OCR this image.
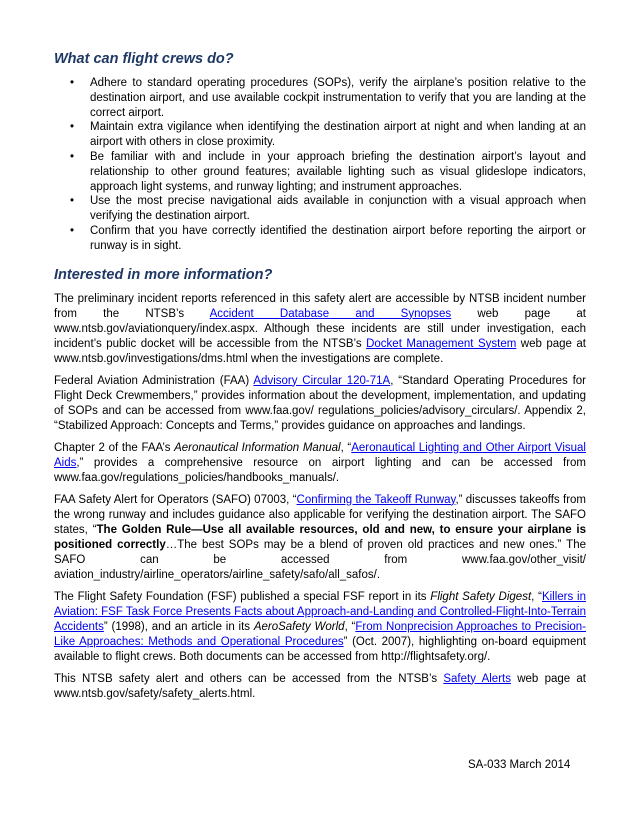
What can flight crews do?
• Adhere to standard operating procedures (SOPs), verify the airplane’s position relative to the destination airport, and use available cockpit instrumentation to verify that you are landing at the correct airport.
• Maintain extra vigilance when identifying the destination airport at night and when landing at an airport with others in close proximity.
• Be familiar with and include in your approach briefing the destination airport’s layout and relationship to other ground features; available lighting such as visual glideslope indicators, approach light systems, and runway lighting; and instrument approaches.
• Use the most precise navigational aids available in conjunction with a visual approach when verifying the destination airport.
• Confirm that you have correctly identified the destination airport before reporting the airport or runway is in sight.
Interested in more information?

The preliminary incident reports referenced in this safety alert are accessible by NTSB incident number from the NTSB’s Accident Database and Synopses web page at www.ntsb.gov/aviationquery/index.aspx. Although these incidents are still under investigation, each incident’s public docket will be accessible from the NTSB’s Docket Management System web page at www.ntsb.gov/investigations/dms.html when the investigations are complete.

Federal Aviation Administration (FAA) Advisory Circular 120-71A, “Standard Operating Procedures for Flight Deck Crewmembers,” provides information about the development, implementation, and updating of SOPs and can be accessed from www.faa.gov/ regulations_policies/advisory_circulars/. Appendix 2, “Stabilized Approach: Concepts and Terms,” provides guidance on approaches and landings.

Chapter 2 of the FAA’s Aeronautical Information Manual, “Aeronautical Lighting and Other Airport Visual Aids,” provides a comprehensive resource on airport lighting and can be accessed from www.faa.gov/regulations_policies/handbooks_manuals/.

FAA Safety Alert for Operators (SAFO) 07003, “Confirming the Takeoff Runway,” discusses takeoffs from the wrong runway and includes guidance also applicable for verifying the destination airport. The SAFO states, “The Golden Rule—Use all available resources, old and new, to ensure your airplane is positioned correctly…The best SOPs may be a blend of proven old practices and new ones.” The SAFO can be accessed from www.faa.gov/other_visit/ aviation_industry/airline_operators/airline_safety/safo/all_safos/.

The Flight Safety Foundation (FSF) published a special FSF report in its Flight Safety Digest, “Killers in Aviation: FSF Task Force Presents Facts about Approach-and-Landing and Controlled-Flight-Into-Terrain Accidents” (1998), and an article in its AeroSafety World, “From Nonprecision Approaches to Precision-Like Approaches: Methods and Operational Procedures” (Oct. 2007), highlighting on-board equipment available to flight crews. Both documents can be accessed from http://flightsafety.org/.

This NTSB safety alert and others can be accessed from the NTSB’s Safety Alerts web page at www.ntsb.gov/safety/safety_alerts.html.

SA-033 March 2014
